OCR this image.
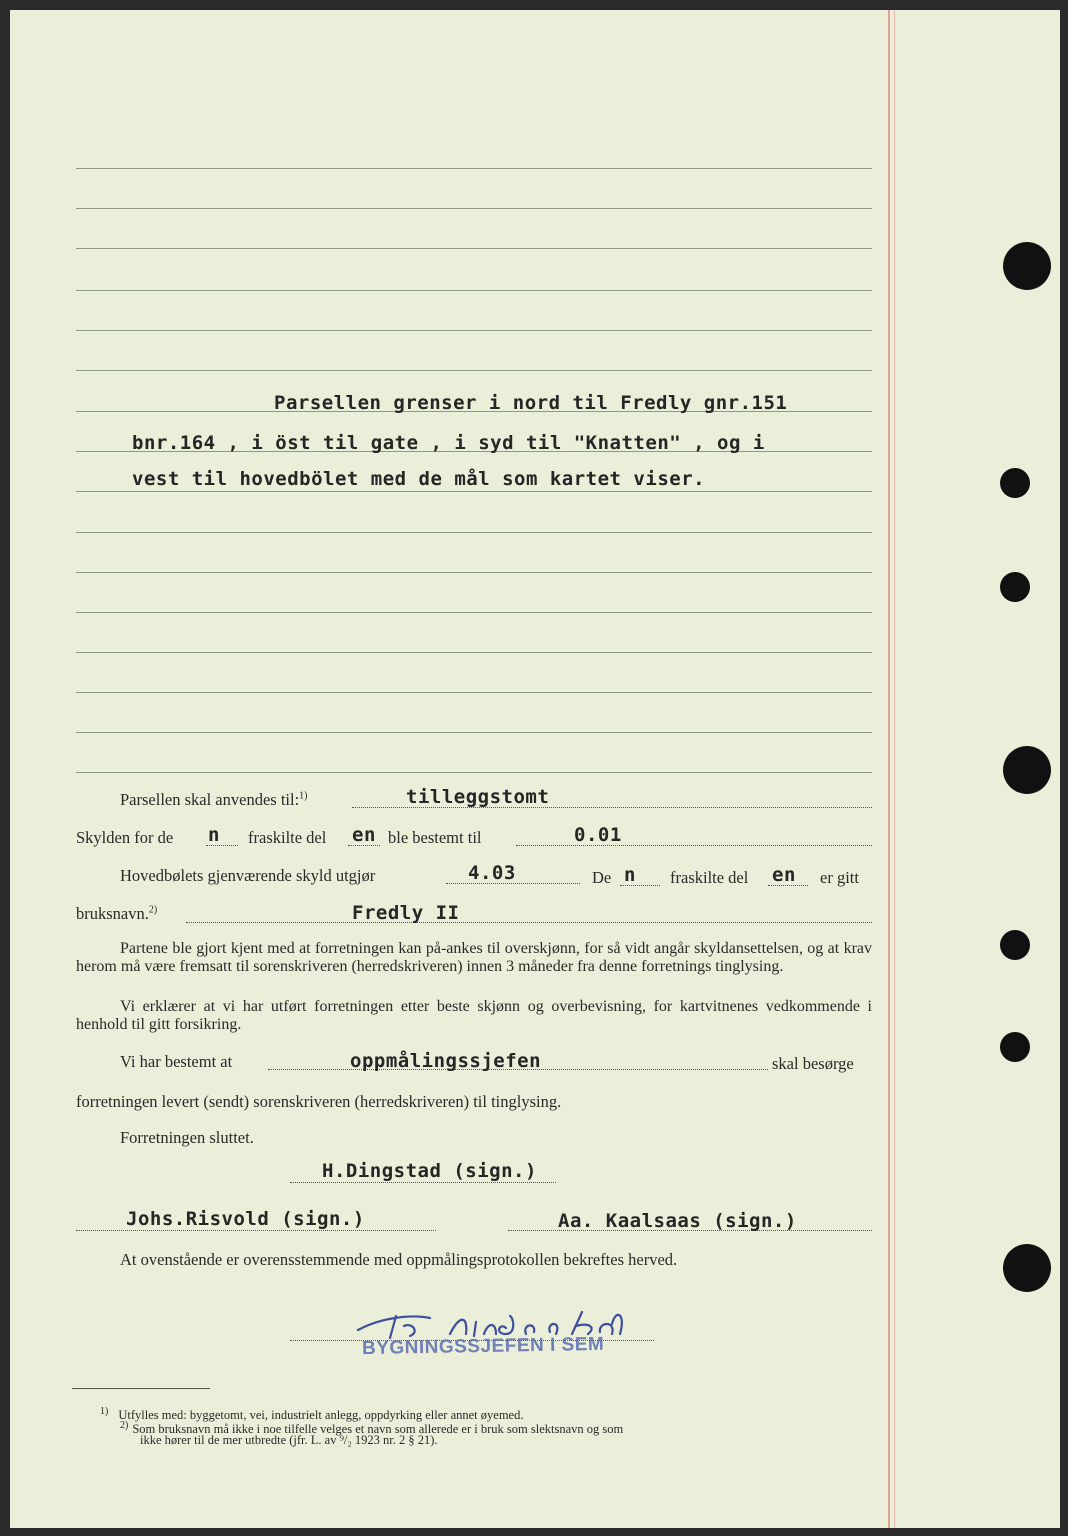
Parsellen grenser i nord til Fredly gnr.151
bnr.164 , i öst til gate , i syd til "Knatten" , og i
vest til hovedbölet med de mål som kartet viser.
Parsellen skal anvendes til:$^{1)}$	tilleggstomt
Skylden for de n fraskilte del en ble bestemt til	0.01
Hovedbølets gjenværende skyld utgjør	4.03	De n fraskilte del en er gitt
bruksnavn.$^{2)}$	Fredly II

Partene ble gjort kjent med at forretningen kan på-ankes til overskjønn, for så vidt angår skyldansettelsen, og at krav herom må være fremsatt til sorenskriveren (herredskriveren) innen 3 måneder fra denne forretnings tinglysing.

Vi erklærer at vi har utført forretningen etter beste skjønn og overbevisning, for kartvitnenes vedkommende i henhold til gitt forsikring.

Vi har bestemt at	oppmålingssjefen	skal besørge
forretningen levert (sendt) sorenskriveren (herredskriveren) til tinglysing.
Forretningen sluttet.
H.Dingstad (sign.)
Johs.Risvold (sign.)	Aa. Kaalsaas (sign.)
At ovenstående er overensstemmende med oppmålingsprotokollen bekreftes herved.
BYGNINGSSJEFEN I SEM
$^{1)}$ Utfylles med: byggetomt, vei, industrielt anlegg, oppdyrking eller annet øyemed.
$^{2)}$ Som bruksnavn må ikke i noe tilfelle velges et navn som allerede er i bruk som slektsnavn og som
ikke hører til de mer utbredte (jfr. L. av ⁹/₂ 1923 nr. 2 § 21).
